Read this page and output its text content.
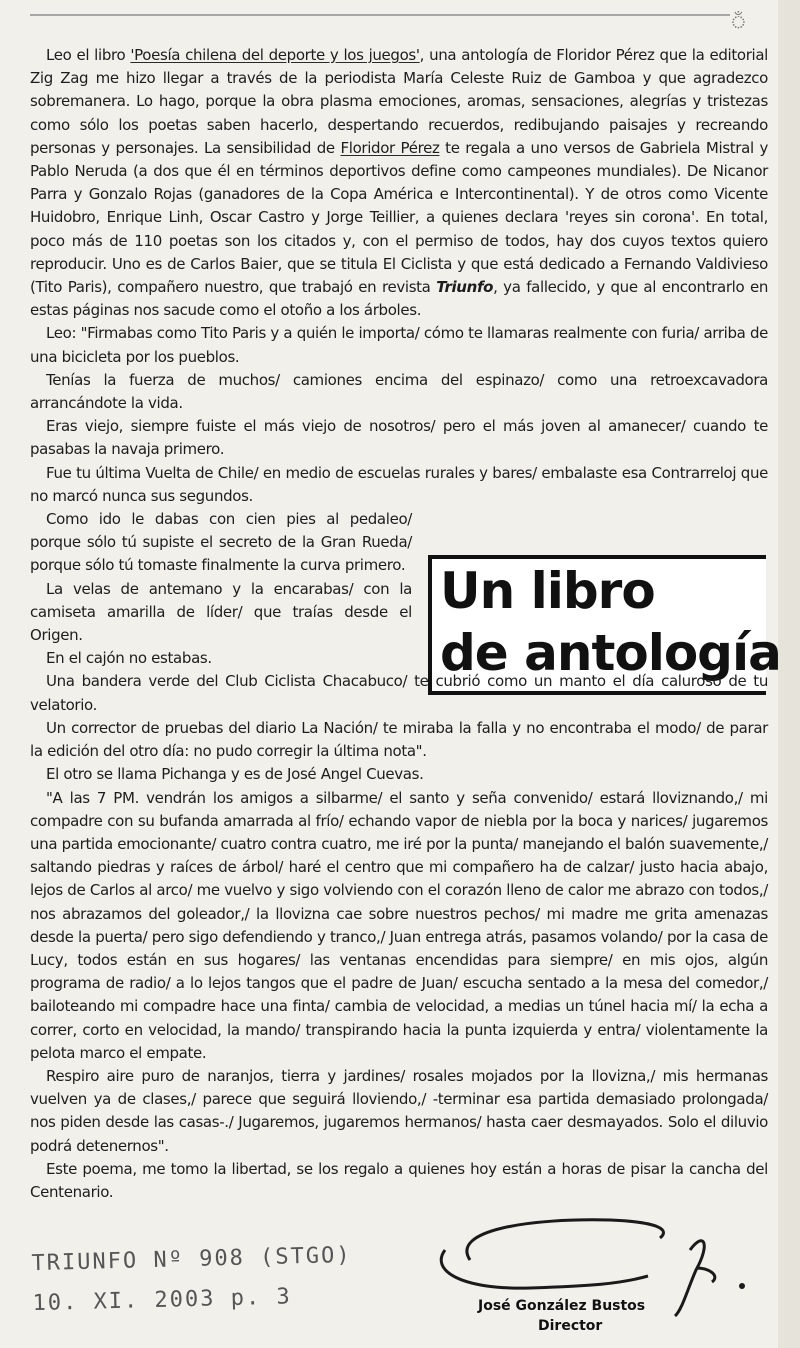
ঁ
Un libro
de antología

Leo el libro 'Poesía chilena del deporte y los juegos', una antología de Floridor Pérez que la editorial Zig Zag me hizo llegar a través de la periodista María Celeste Ruiz de Gamboa y que agradezco sobremanera. Lo hago, porque la obra plasma emociones, aromas, sensaciones, alegrías y tristezas como sólo los poetas saben hacerlo, despertando recuerdos, redibujando paisajes y recreando personas y personajes. La sensibilidad de Floridor Pérez te regala a uno versos de Gabriela Mistral y Pablo Neruda (a dos que él en términos deportivos define como campeones mundiales). De Nicanor Parra y Gonzalo Rojas (ganadores de la Copa América e Intercontinental). Y de otros como Vicente Huidobro, Enrique Linh, Oscar Castro y Jorge Teillier, a quienes declara 'reyes sin corona'. En total, poco más de 110 poetas son los citados y, con el permiso de todos, hay dos cuyos textos quiero reproducir. Uno es de Carlos Baier, que se titula El Ciclista y que está dedicado a Fernando Valdivieso (Tito Paris), compañero nuestro, que trabajó en revista Triunfo, ya fallecido, y que al encontrarlo en estas páginas nos sacude como el otoño a los árboles.

Leo: "Firmabas como Tito Paris y a quién le importa/ cómo te llamaras realmente con furia/ arriba de una bicicleta por los pueblos.

Tenías la fuerza de muchos/ camiones encima del espinazo/ como una retroexcavadora arrancándote la vida.

Eras viejo, siempre fuiste el más viejo de nosotros/ pero el más joven al amanecer/ cuando te pasabas la navaja primero.

Fue tu última Vuelta de Chile/ en medio de escuelas rurales y bares/ embalaste esa Contrarreloj que no marcó nunca sus segundos.

Como ido le dabas con cien pies al pedaleo/ porque sólo tú supiste el secreto de la Gran Rueda/ porque sólo tú tomaste finalmente la curva primero.

La velas de antemano y la encarabas/ con la camiseta amarilla de líder/ que traías desde el Origen.

En el cajón no estabas.

Una bandera verde del Club Ciclista Chacabuco/ te cubrió como un manto el día caluroso de tu velatorio.

Un corrector de pruebas del diario La Nación/ te miraba la falla y no encontraba el modo/ de parar la edición del otro día: no pudo corregir la última nota".

El otro se llama Pichanga y es de José Angel Cuevas.

"A las 7 PM. vendrán los amigos a silbarme/ el santo y seña convenido/ estará lloviznando,/ mi compadre con su bufanda amarrada al frío/ echando vapor de niebla por la boca y narices/ jugaremos una partida emocionante/ cuatro contra cuatro, me iré por la punta/ manejando el balón suavemente,/ saltando piedras y raíces de árbol/ haré el centro que mi compañero ha de calzar/ justo hacia abajo, lejos de Carlos al arco/ me vuelvo y sigo volviendo con el corazón lleno de calor me abrazo con todos,/ nos abrazamos del goleador,/ la llovizna cae sobre nuestros pechos/ mi madre me grita amenazas desde la puerta/ pero sigo defendiendo y tranco,/ Juan entrega atrás, pasamos volando/ por la casa de Lucy, todos están en sus hogares/ las ventanas encendidas para siempre/ en mis ojos, algún programa de radio/ a lo lejos tangos que el padre de Juan/ escucha sentado a la mesa del comedor,/ bailoteando mi compadre hace una finta/ cambia de velocidad, a medias un túnel hacia mí/ la echa a correr, corto en velocidad, la mando/ transpirando hacia la punta izquierda y entra/ violentamente la pelota marco el empate.

Respiro aire puro de naranjos, tierra y jardines/ rosales mojados por la llovizna,/ mis hermanas vuelven ya de clases,/ parece que seguirá lloviendo,/ -terminar esa partida demasiado prolongada/ nos piden desde las casas-./ Jugaremos, jugaremos hermanos/ hasta caer desmayados. Solo el diluvio podrá detenernos".

Este poema, me tomo la libertad, se los regalo a quienes hoy están a horas de pisar la cancha del Centenario.

TRIUNFO Nº 908 (STGO)
10. XI. 2003 p. 3	José González Bustos
Director
